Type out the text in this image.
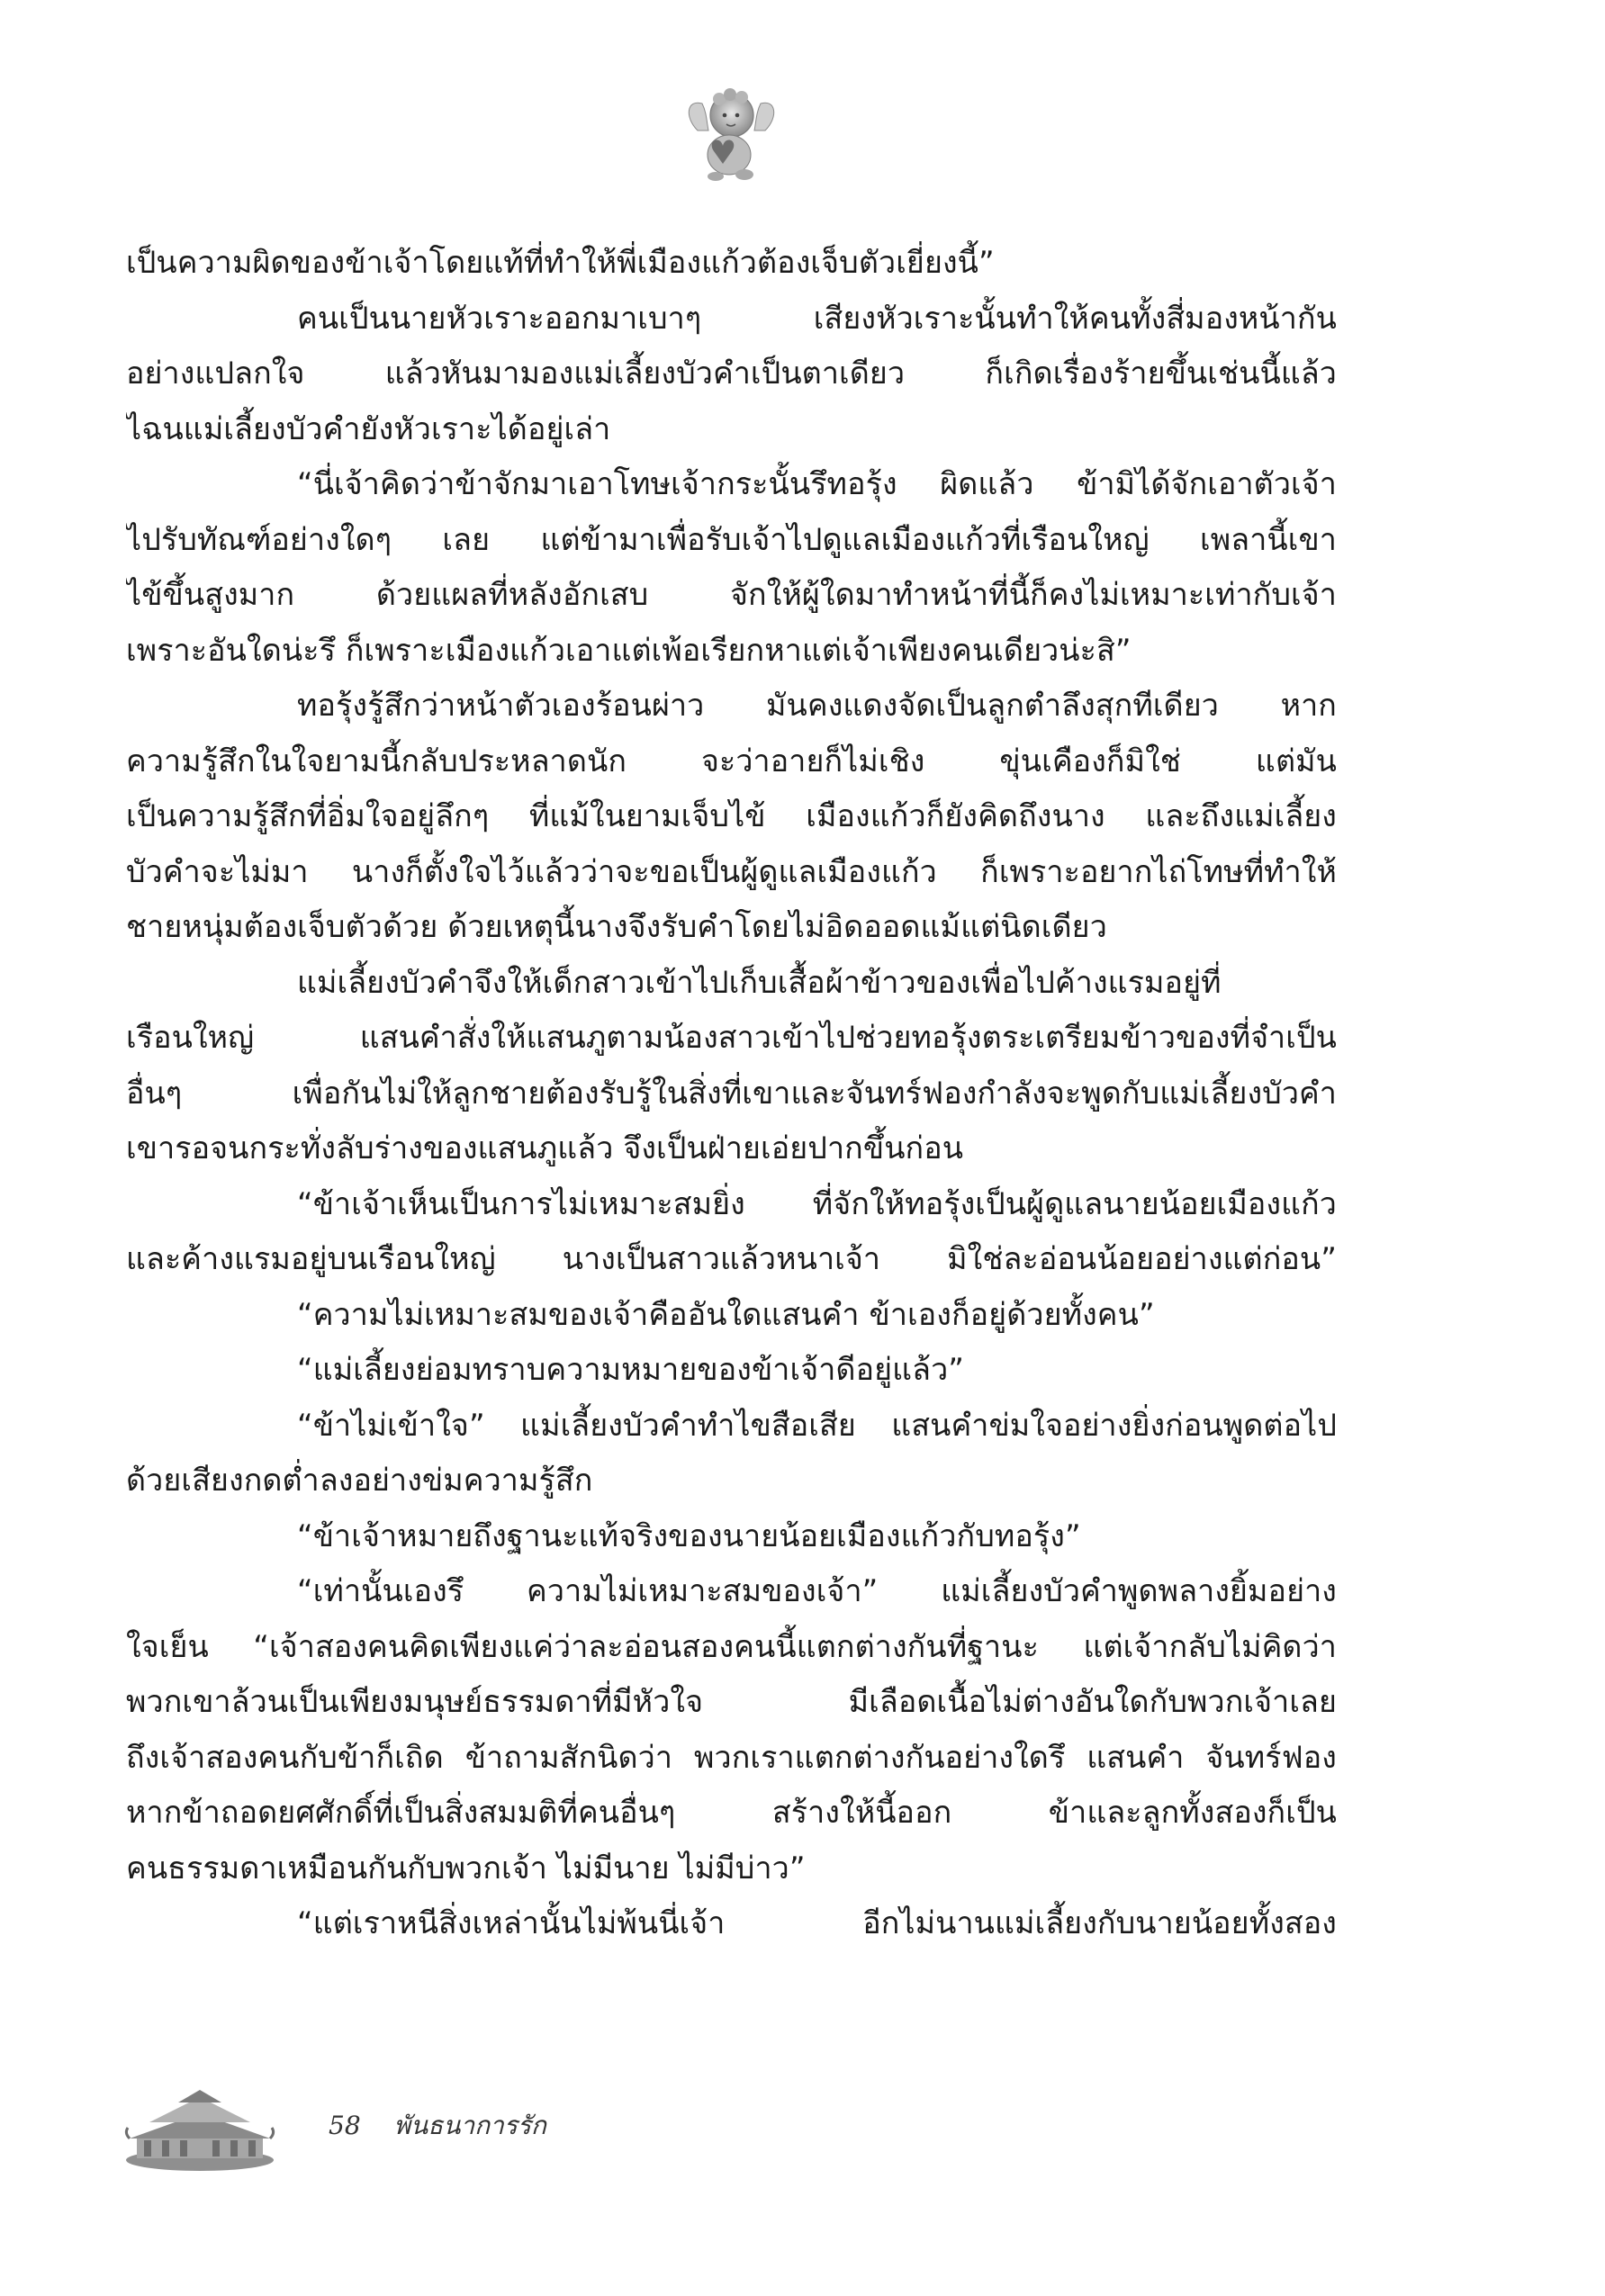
เป็นความผิดของข้าเจ้าโดยแท้ที่ทำให้พี่เมืองแก้วต้องเจ็บตัวเยี่ยงนี้”
คนเป็นนายหัวเราะออกมาเบาๆ เสียงหัวเราะนั้นทำให้คนทั้งสี่มองหน้ากัน
อย่างแปลกใจ แล้วหันมามองแม่เลี้ยงบัวคำเป็นตาเดียว ก็เกิดเรื่องร้ายขึ้นเช่นนี้แล้ว
ไฉนแม่เลี้ยงบัวคำยังหัวเราะได้อยู่เล่า
“นี่เจ้าคิดว่าข้าจักมาเอาโทษเจ้ากระนั้นรึทอรุ้ง ผิดแล้ว ข้ามิได้จักเอาตัวเจ้า
ไปรับทัณฑ์อย่างใดๆ เลย แต่ข้ามาเพื่อรับเจ้าไปดูแลเมืองแก้วที่เรือนใหญ่ เพลานี้เขา
ไข้ขึ้นสูงมาก ด้วยแผลที่หลังอักเสบ จักให้ผู้ใดมาทำหน้าที่นี้ก็คงไม่เหมาะเท่ากับเจ้า
เพราะอันใดน่ะรึ ก็เพราะเมืองแก้วเอาแต่เพ้อเรียกหาแต่เจ้าเพียงคนเดียวน่ะสิ”
ทอรุ้งรู้สึกว่าหน้าตัวเองร้อนผ่าว มันคงแดงจัดเป็นลูกตำลึงสุกทีเดียว หาก
ความรู้สึกในใจยามนี้กลับประหลาดนัก จะว่าอายก็ไม่เชิง ขุ่นเคืองก็มิใช่ แต่มัน
เป็นความรู้สึกที่อิ่มใจอยู่ลึกๆ ที่แม้ในยามเจ็บไข้ เมืองแก้วก็ยังคิดถึงนาง และถึงแม่เลี้ยง
บัวคำจะไม่มา นางก็ตั้งใจไว้แล้วว่าจะขอเป็นผู้ดูแลเมืองแก้ว ก็เพราะอยากไถ่โทษที่ทำให้
ชายหนุ่มต้องเจ็บตัวด้วย ด้วยเหตุนี้นางจึงรับคำโดยไม่อิดออดแม้แต่นิดเดียว
แม่เลี้ยงบัวคำจึงให้เด็กสาวเข้าไปเก็บเสื้อผ้าข้าวของเพื่อไปค้างแรมอยู่ที่
เรือนใหญ่ แสนคำสั่งให้แสนภูตามน้องสาวเข้าไปช่วยทอรุ้งตระเตรียมข้าวของที่จำเป็น
อื่นๆ เพื่อกันไม่ให้ลูกชายต้องรับรู้ในสิ่งที่เขาและจันทร์ฟองกำลังจะพูดกับแม่เลี้ยงบัวคำ
เขารอจนกระทั่งลับร่างของแสนภูแล้ว จึงเป็นฝ่ายเอ่ยปากขึ้นก่อน
“ข้าเจ้าเห็นเป็นการไม่เหมาะสมยิ่ง ที่จักให้ทอรุ้งเป็นผู้ดูแลนายน้อยเมืองแก้ว
และค้างแรมอยู่บนเรือนใหญ่ นางเป็นสาวแล้วหนาเจ้า มิใช่ละอ่อนน้อยอย่างแต่ก่อน”
“ความไม่เหมาะสมของเจ้าคืออันใดแสนคำ ข้าเองก็อยู่ด้วยทั้งคน”
“แม่เลี้ยงย่อมทราบความหมายของข้าเจ้าดีอยู่แล้ว”
“ข้าไม่เข้าใจ” แม่เลี้ยงบัวคำทำไขสือเสีย แสนคำข่มใจอย่างยิ่งก่อนพูดต่อไป
ด้วยเสียงกดต่ำลงอย่างข่มความรู้สึก
“ข้าเจ้าหมายถึงฐานะแท้จริงของนายน้อยเมืองแก้วกับทอรุ้ง”
“เท่านั้นเองรึ ความไม่เหมาะสมของเจ้า” แม่เลี้ยงบัวคำพูดพลางยิ้มอย่าง
ใจเย็น “เจ้าสองคนคิดเพียงแค่ว่าละอ่อนสองคนนี้แตกต่างกันที่ฐานะ แต่เจ้ากลับไม่คิดว่า
พวกเขาล้วนเป็นเพียงมนุษย์ธรรมดาที่มีหัวใจ มีเลือดเนื้อไม่ต่างอันใดกับพวกเจ้าเลย
ถึงเจ้าสองคนกับข้าก็เถิด ข้าถามสักนิดว่า พวกเราแตกต่างกันอย่างใดรึ แสนคำ จันทร์ฟอง
หากข้าถอดยศศักดิ์ที่เป็นสิ่งสมมติที่คนอื่นๆ สร้างให้นี้ออก ข้าและลูกทั้งสองก็เป็น
คนธรรมดาเหมือนกันกับพวกเจ้า ไม่มีนาย ไม่มีบ่าว”
“แต่เราหนีสิ่งเหล่านั้นไม่พ้นนี่เจ้า อีกไม่นานแม่เลี้ยงกับนายน้อยทั้งสอง
58 พันธนาการรัก
